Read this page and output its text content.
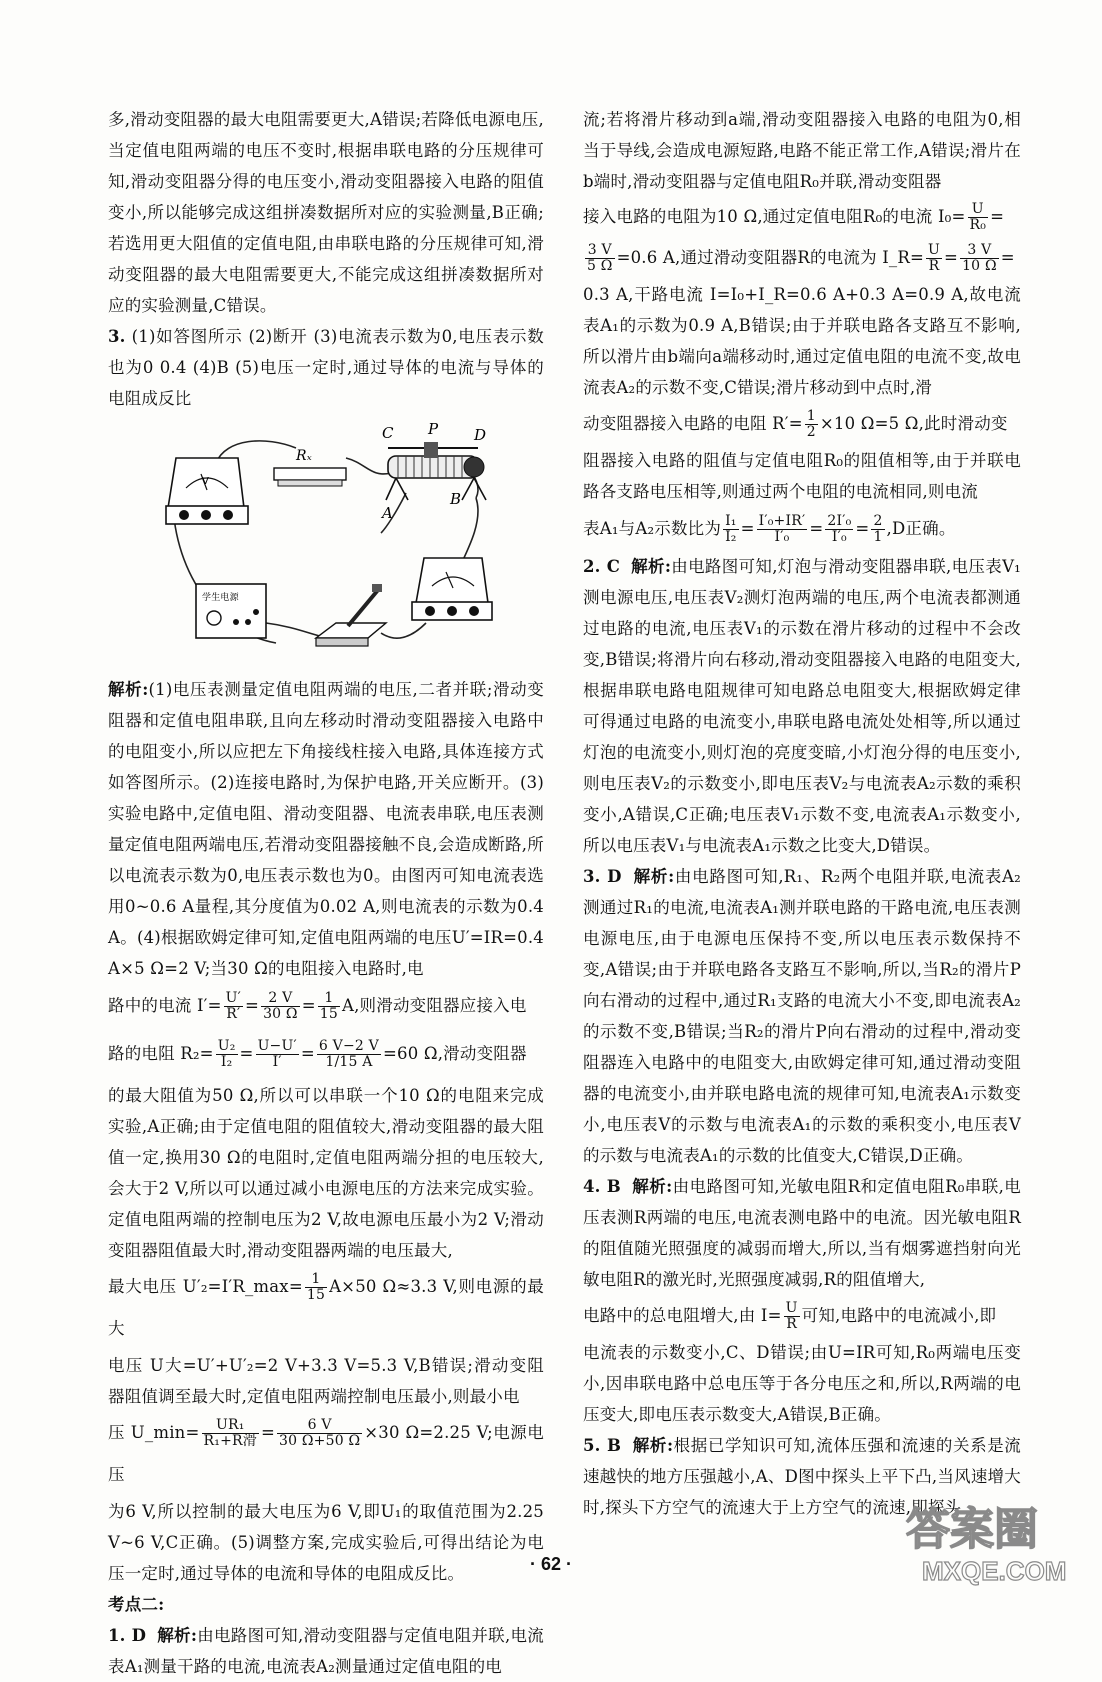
多,滑动变阻器的最大电阻需要更大,A错误;若降低电源电压,当定值电阻两端的电压不变时,根据串联电路的分压规律可知,滑动变阻器分得的电压变小,滑动变阻器接入电路的阻值变小,所以能够完成这组拼凑数据所对应的实验测量,B正确;若选用更大阻值的定值电阻,由串联电路的分压规律可知,滑动变阻器的最大电阻需要更大,不能完成这组拼凑数据所对应的实验测量,C错误。

3. (1)如答图所示 (2)断开 (3)电流表示数为0,电压表示数也为0 0.4 (4)B (5)电压一定时,通过导体的电流与导体的电阻成反比

V
Rₓ
C P D
A
B
学生电源

解析:(1)电压表测量定值电阻两端的电压,二者并联;滑动变阻器和定值电阻串联,且向左移动时滑动变阻器接入电路中的电阻变小,所以应把左下角接线柱接入电路,具体连接方式如答图所示。(2)连接电路时,为保护电路,开关应断开。(3)实验电路中,定值电阻、滑动变阻器、电流表串联,电压表测量定值电阻两端电压,若滑动变阻器接触不良,会造成断路,所以电流表示数为0,电压表示数也为0。由图丙可知电流表选用0~0.6 A量程,其分度值为0.02 A,则电流表的示数为0.4 A。(4)根据欧姆定律可知,定值电阻两端的电压U′=IR=0.4 A×5 Ω=2 V;当30 Ω的电阻接入电路时,电

路中的电流 $I'= \frac{U'}{R'} = \frac{2 V}{30 \Omega} = \frac{1}{15} A$,则滑动变阻器应接入电

路的电阻 $R_2= \frac{\text{U₂}}{\text{I₂}} = \frac{U-U'}{I'} = \frac{6 V-2 V}{1/15 A} =60$ Ω,滑动变阻器

的最大阻值为50 Ω,所以可以串联一个10 Ω的电阻来完成实验,A正确;由于定值电阻的阻值较大,滑动变阻器的最大阻值一定,换用30 Ω的电阻时,定值电阻两端分担的电压较大,会大于2 V,所以可以通过减小电源电压的方法来完成实验。定值电阻两端的控制电压为2 V,故电源电压最小为2 V;滑动变阻器阻值最大时,滑动变阻器两端的电压最大,

最大电压 U′₂=I′R_max= $\frac{1}{15} A\times 50$ Ω≈3.3 V,则电源的最大

电压 U大=U′+U′₂=2 V+3.3 V=5.3 V,B错误;滑动变阻器阻值调至最大时,定值电阻两端控制电压最小,则最小电

压 U_min= $\frac{\text{UR₁}}{\text{R₁+R滑}} = \frac{6 V}{30 \Omega+50 \Omega} \times 30$ Ω=2.25 V;电源电压

为6 V,所以控制的最大电压为6 V,即U₁的取值范围为2.25 V~6 V,C正确。(5)调整方案,完成实验后,可得出结论为电压一定时,通过导体的电流和导体的电阻成反比。

考点二:

1. D 解析:由电路图可知,滑动变阻器与定值电阻并联,电流表A₁测量干路的电流,电流表A₂测量通过定值电阻的电

流;若将滑片移动到a端,滑动变阻器接入电路的电阻为0,相当于导线,会造成电源短路,电路不能正常工作,A错误;滑片在b端时,滑动变阻器与定值电阻R₀并联,滑动变阻器

接入电路的电阻为10 Ω,通过定值电阻R₀的电流 $I_0= \frac{U}{\text{R₀}}$ =

$\frac{3 V}{5 \Omega} =0.6$ A,通过滑动变阻器R的电流为 I_R= $\frac{U}{R} = \frac{3 V}{10 \Omega}$ =

0.3 A,干路电流 I=I₀+I_R=0.6 A+0.3 A=0.9 A,故电流表A₁的示数为0.9 A,B错误;由于并联电路各支路互不影响,所以滑片由b端向a端移动时,通过定值电阻的电流不变,故电流表A₂的示数不变,C错误;滑片移动到中点时,滑

动变阻器接入电路的电阻 $R'= \frac{1}{2} \times 10$ Ω=5 Ω,此时滑动变

阻器接入电路的阻值与定值电阻R₀的阻值相等,由于并联电路各支路电压相等,则通过两个电阻的电流相同,则电流

表A₁与A₂示数比为 $\frac{\text{I₁}}{\text{I₂}} = \frac{\text{I′₀+IR′}}{\text{I′₀}} = \frac{\text{2I′₀}}{\text{I′₀}} = \frac{2}{1} ,D$正确。

2. C 解析:由电路图可知,灯泡与滑动变阻器串联,电压表V₁测电源电压,电压表V₂测灯泡两端的电压,两个电流表都测通过电路的电流,电压表V₁的示数在滑片移动的过程中不会改变,B错误;将滑片向右移动,滑动变阻器接入电路的电阻变大,根据串联电路电阻规律可知电路总电阻变大,根据欧姆定律可得通过电路的电流变小,串联电路电流处处相等,所以通过灯泡的电流变小,则灯泡的亮度变暗,小灯泡分得的电压变小,则电压表V₂的示数变小,即电压表V₂与电流表A₂示数的乘积变小,A错误,C正确;电压表V₁示数不变,电流表A₁示数变小,所以电压表V₁与电流表A₁示数之比变大,D错误。

3. D 解析:由电路图可知,R₁、R₂两个电阻并联,电流表A₂测通过R₁的电流,电流表A₁测并联电路的干路电流,电压表测电源电压,由于电源电压保持不变,所以电压表示数保持不变,A错误;由于并联电路各支路互不影响,所以,当R₂的滑片P向右滑动的过程中,通过R₁支路的电流大小不变,即电流表A₂的示数不变,B错误;当R₂的滑片P向右滑动的过程中,滑动变阻器连入电路中的电阻变大,由欧姆定律可知,通过滑动变阻器的电流变小,由并联电路电流的规律可知,电流表A₁示数变小,电压表V的示数与电流表A₁的示数的乘积变小,电压表V的示数与电流表A₁的示数的比值变大,C错误,D正确。

4. B 解析:由电路图可知,光敏电阻R和定值电阻R₀串联,电压表测R两端的电压,电流表测电路中的电流。因光敏电阻R的阻值随光照强度的减弱而增大,所以,当有烟雾遮挡射向光敏电阻R的激光时,光照强度减弱,R的阻值增大,

电路中的总电阻增大,由 $I= \frac{U}{R}$ 可知,电路中的电流减小,即

电流表的示数变小,C、D错误;由U=IR可知,R₀两端电压变小,因串联电路中总电压等于各分电压之和,所以,R两端的电压变大,即电压表示数变大,A错误,B正确。

5. B 解析:根据已学知识可知,流体压强和流速的关系是流速越快的地方压强越小,A、D图中探头上平下凸,当风速增大时,探头下方空气的流速大于上方空气的流速,即探头

· 62 ·
答案圈
MXQE.COM
